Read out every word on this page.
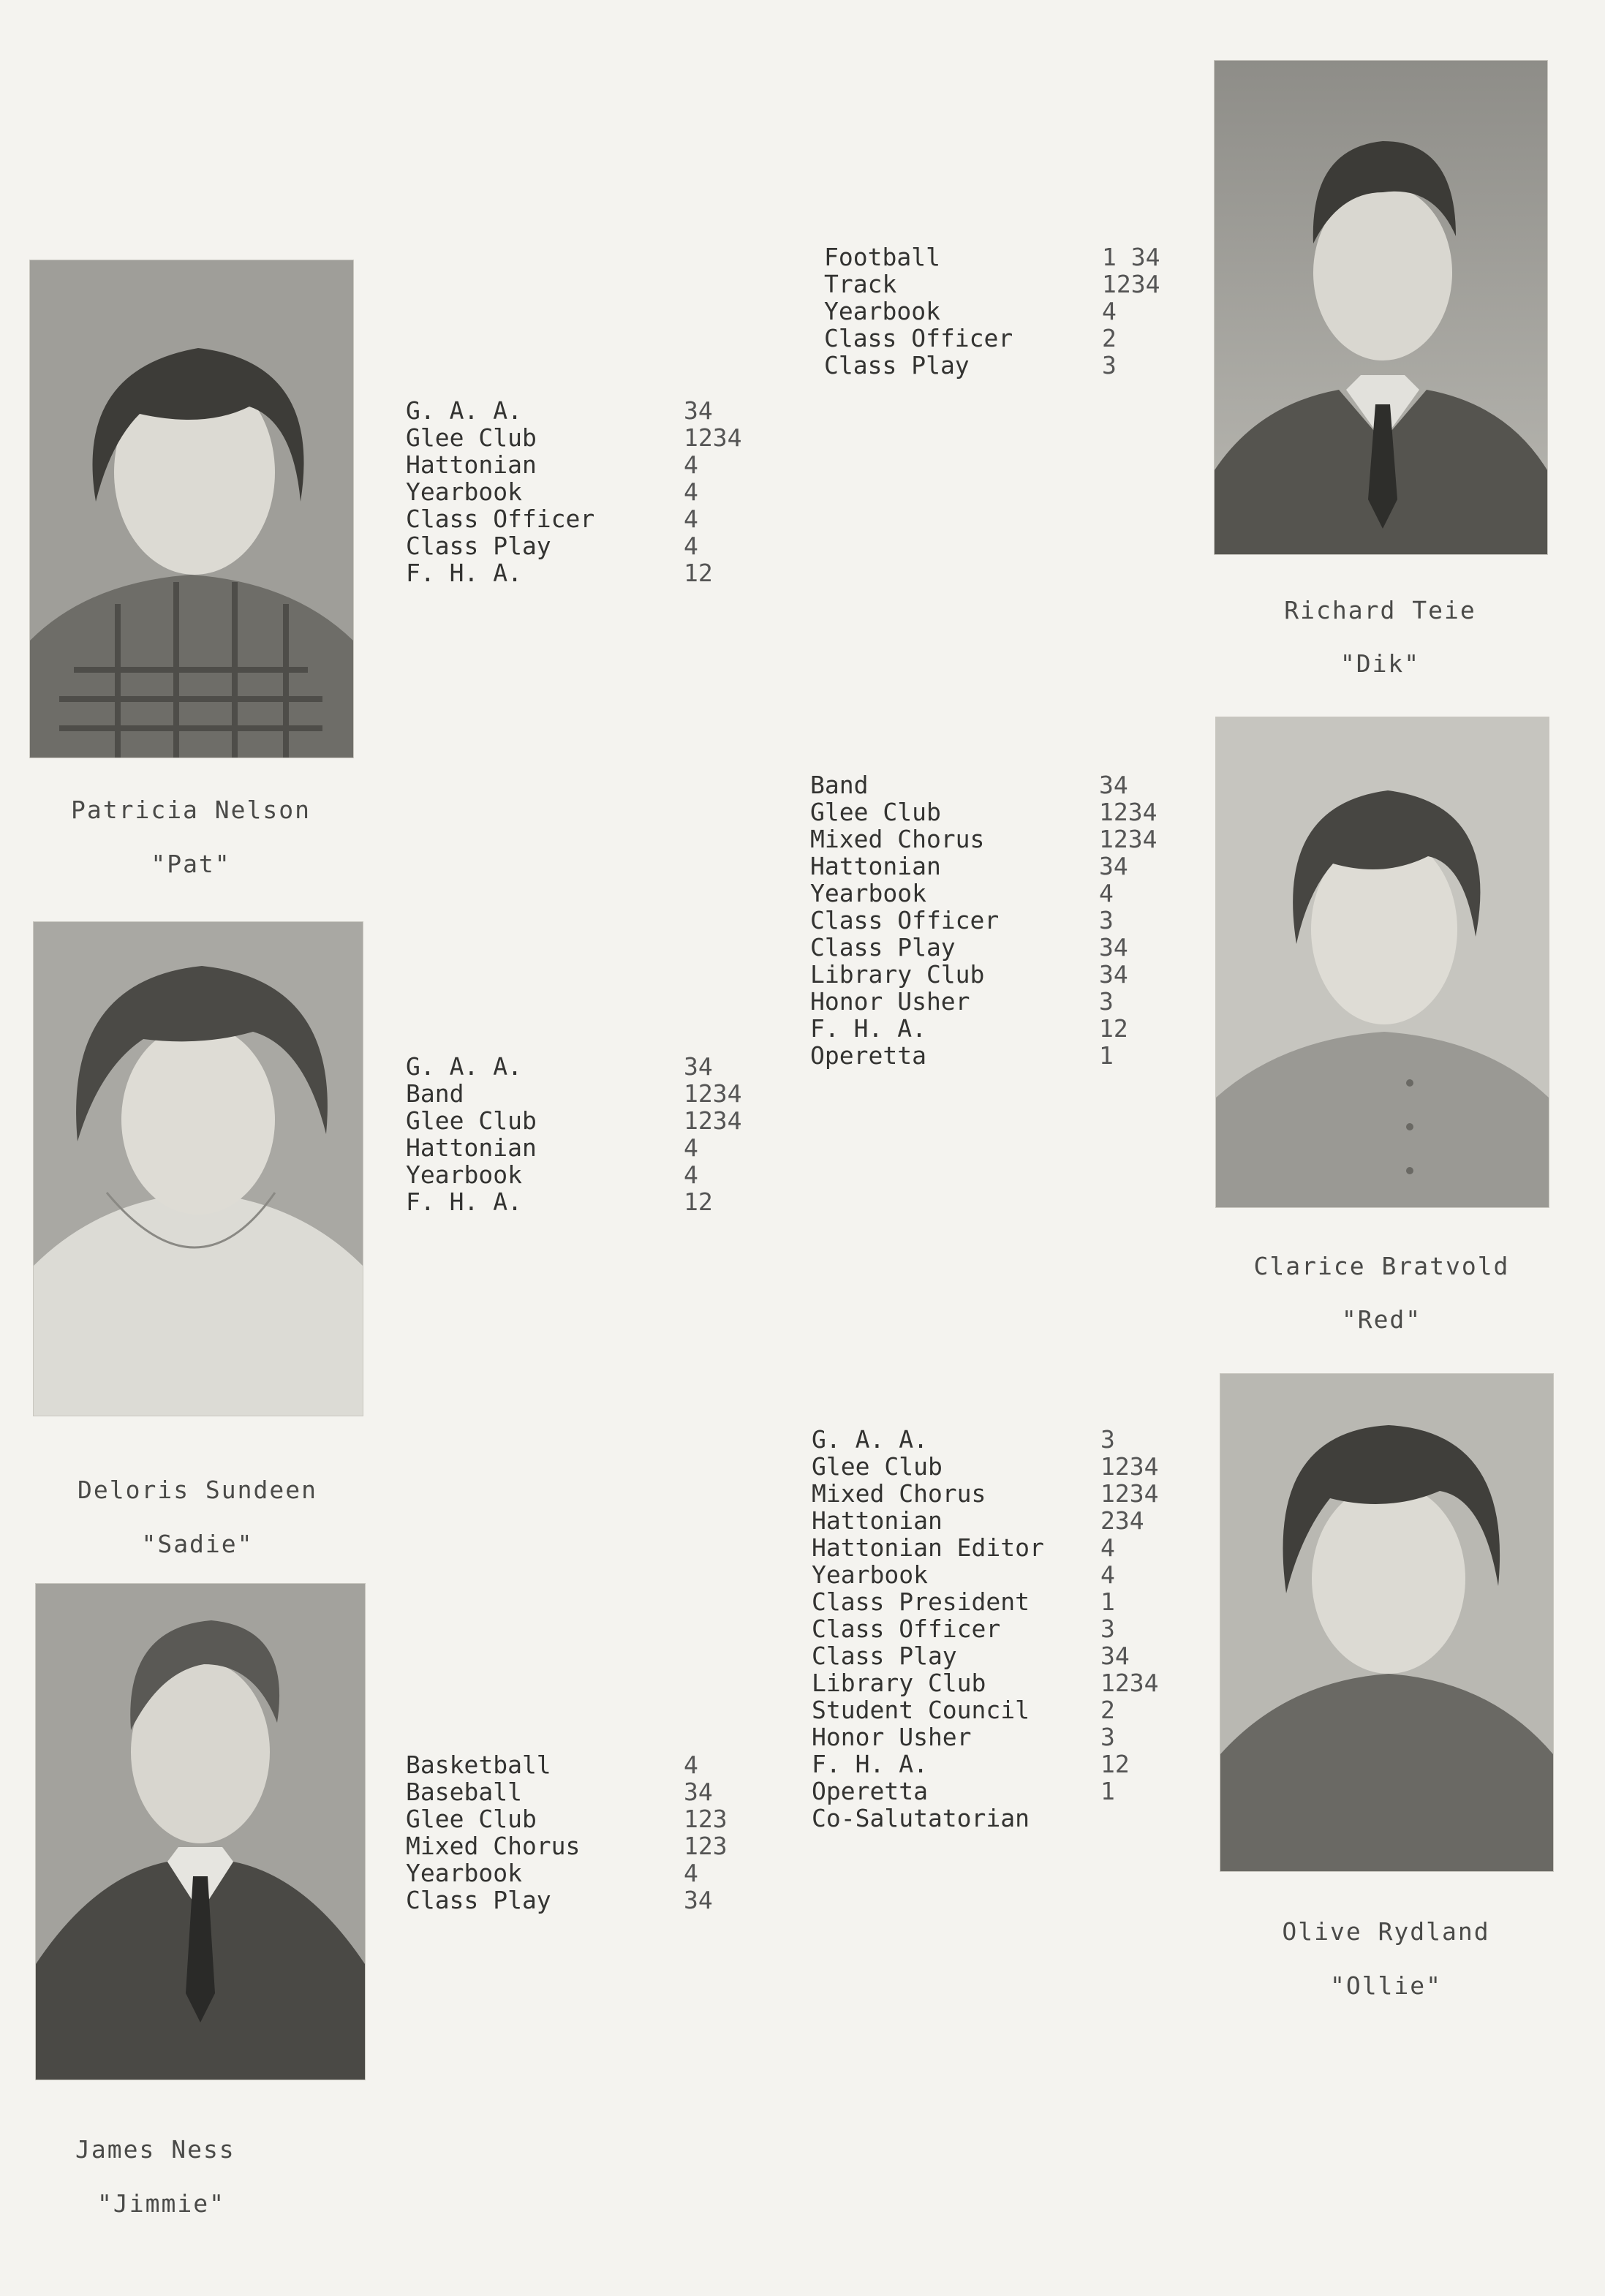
Football	1 34
Track	1234
Yearbook	4
Class Officer	2
Class Play	3
Richard Teie
"Dik"
G. A. A.	34
Glee Club	1234
Hattonian	4
Yearbook	4
Class Officer	4
Class Play	4
F. H. A.	12
Patricia Nelson
"Pat"
Band	34
Glee Club	1234
Mixed Chorus	1234
Hattonian	34
Yearbook	4
Class Officer	3
Class Play	34
Library Club	34
Honor Usher	3
F. H. A.	12
Operetta	1
Clarice Bratvold
"Red"
G. A. A.	34
Band	1234
Glee Club	1234
Hattonian	4
Yearbook	4
F. H. A.	12
Deloris Sundeen
"Sadie"
G. A. A.	3
Glee Club	1234
Mixed Chorus	1234
Hattonian	234
Hattonian Editor 4
Yearbook	4
Class President	1
Class Officer	3
Class Play	34
Library Club	1234
Student Council	2
Honor Usher	3
F. H. A.	12
Operetta	1
Co-Salutatorian
Olive Rydland
"Ollie"
Basketball	4
Baseball	34
Glee Club	123
Mixed Chorus	123
Yearbook	4
Class Play	34
James Ness
"Jimmie"
